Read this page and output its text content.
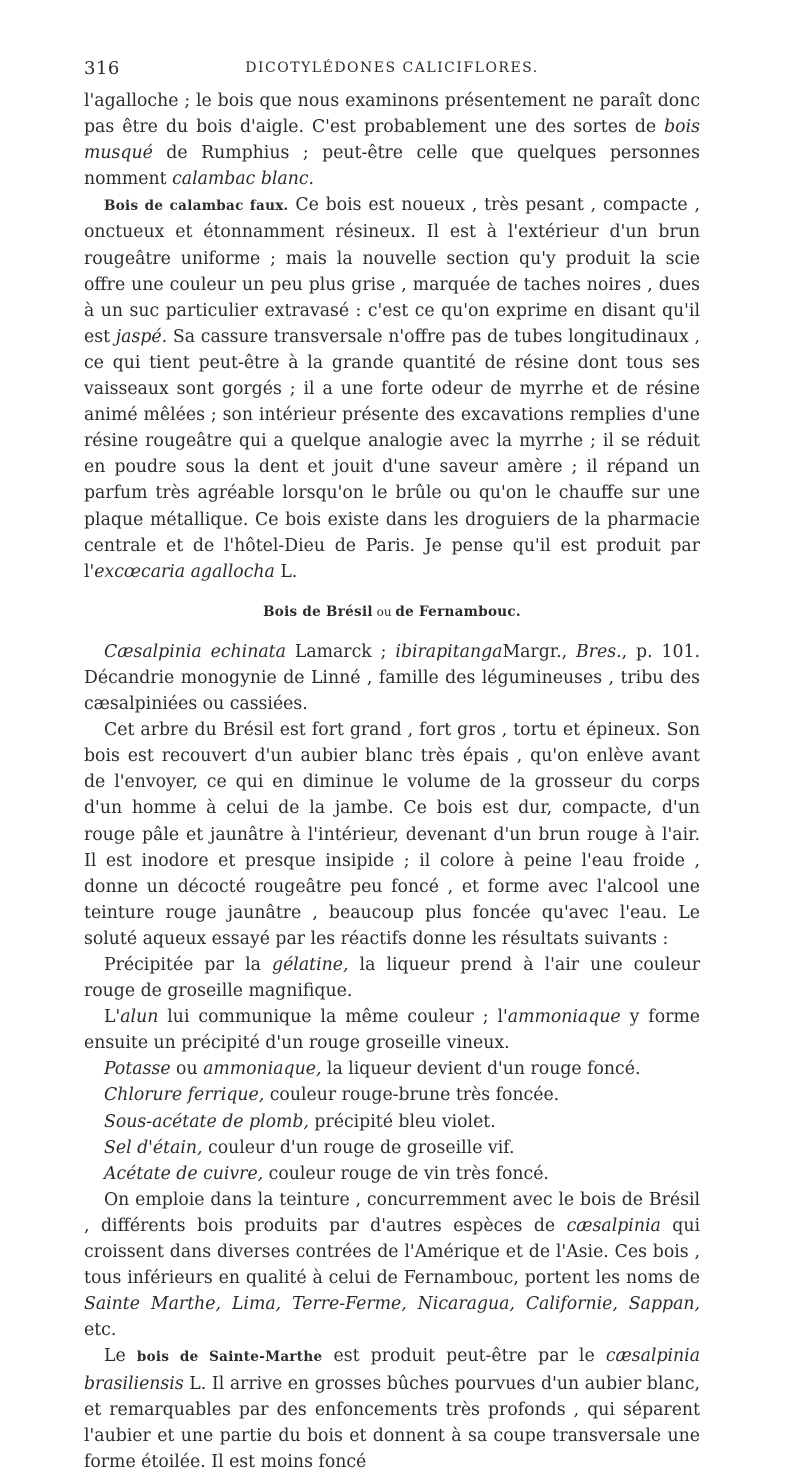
316	DICOTYLÉDONES CALICIFLORES.

l'agalloche ; le bois que nous examinons présentement ne paraît donc pas être du bois d'aigle. C'est probablement une des sortes de bois musqué de Rumphius ; peut-être celle que quelques personnes nomment calambac blanc.

Bois de calambac faux. Ce bois est noueux , très pesant , compacte , onctueux et étonnamment résineux. Il est à l'extérieur d'un brun rougeâtre uniforme ; mais la nouvelle section qu'y produit la scie offre une couleur un peu plus grise , marquée de taches noires , dues à un suc particulier extravasé : c'est ce qu'on exprime en disant qu'il est jaspé. Sa cassure transversale n'offre pas de tubes longitudinaux , ce qui tient peut-être à la grande quantité de résine dont tous ses vaisseaux sont gorgés ; il a une forte odeur de myrrhe et de résine animé mêlées ; son intérieur présente des excavations remplies d'une résine rougeâtre qui a quelque analogie avec la myrrhe ; il se réduit en poudre sous la dent et jouit d'une saveur amère ; il répand un parfum très agréable lorsqu'on le brûle ou qu'on le chauffe sur une plaque métallique. Ce bois existe dans les droguiers de la pharmacie centrale et de l'hôtel-Dieu de Paris. Je pense qu'il est produit par l'excœcaria agallocha L.

Bois de Brésil ou de Fernambouc.

Cæsalpinia echinata Lamarck ; ibirapitangaMargr., Bres., p. 101. Décandrie monogynie de Linné , famille des légumineuses , tribu des cæsalpiniées ou cassiées.

Cet arbre du Brésil est fort grand , fort gros , tortu et épineux. Son bois est recouvert d'un aubier blanc très épais , qu'on enlève avant de l'envoyer, ce qui en diminue le volume de la grosseur du corps d'un homme à celui de la jambe. Ce bois est dur, compacte, d'un rouge pâle et jaunâtre à l'intérieur, devenant d'un brun rouge à l'air. Il est inodore et presque insipide ; il colore à peine l'eau froide , donne un décocté rougeâtre peu foncé , et forme avec l'alcool une teinture rouge jaunâtre , beaucoup plus foncée qu'avec l'eau. Le soluté aqueux essayé par les réactifs donne les résultats suivants :

Précipitée par la gélatine, la liqueur prend à l'air une couleur rouge de groseille magnifique.

L'alun lui communique la même couleur ; l'ammoniaque y forme ensuite un précipité d'un rouge groseille vineux.

Potasse ou ammoniaque, la liqueur devient d'un rouge foncé.

Chlorure ferrique, couleur rouge-brune très foncée.

Sous-acétate de plomb, précipité bleu violet.

Sel d'étain, couleur d'un rouge de groseille vif.

Acétate de cuivre, couleur rouge de vin très foncé.

On emploie dans la teinture , concurremment avec le bois de Brésil , différents bois produits par d'autres espèces de cæsalpinia qui croissent dans diverses contrées de l'Amérique et de l'Asie. Ces bois , tous inférieurs en qualité à celui de Fernambouc, portent les noms de Sainte Marthe, Lima, Terre-Ferme, Nicaragua, Californie, Sappan, etc.

Le bois de Sainte-Marthe est produit peut-être par le cæsalpinia brasiliensis L. Il arrive en grosses bûches pourvues d'un aubier blanc, et remarquables par des enfoncements très profonds , qui séparent l'aubier et une partie du bois et donnent à sa coupe transversale une forme étoilée. Il est moins foncé
